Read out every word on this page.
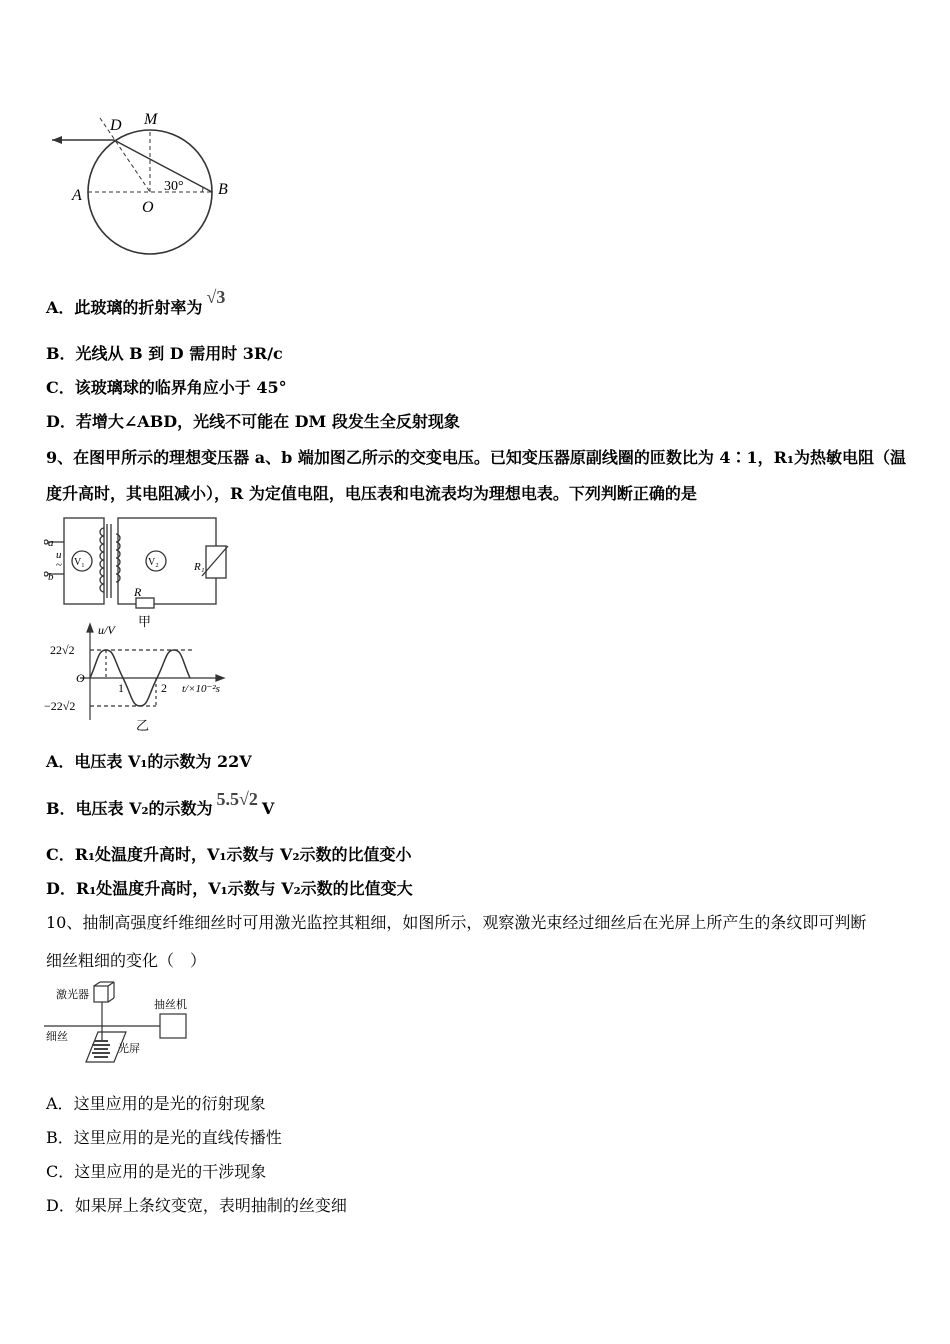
D M
A
O
B
30°
A．此玻璃的折射率为√3
B．光线从 B 到 D 需用时 3R/c
C．该玻璃球的临界角应小于 45°
D．若增大∠ABD，光线不可能在 DM 段发生全反射现象
9、在图甲所示的理想变压器 a、b 端加图乙所示的交变电压。已知变压器原副线圈的匝数比为 4∶1，R₁为热敏电阻（温
度升高时，其电阻减小），R 为定值电阻，电压表和电流表均为理想电表。下列判断正确的是
a
u
~
b
V₁	V₂	R₁
R
甲
u/V
22√2
−22√2
O
1	2 t/×10⁻²s
乙
A．电压表 V₁的示数为 22V
B．电压表 V₂的示数为 5.5√2 V
C．R₁处温度升高时，V₁示数与 V₂示数的比值变小
D．R₁处温度升高时，V₁示数与 V₂示数的比值变大
10、抽制高强度纤维细丝时可用激光监控其粗细，如图所示，观察激光束经过细丝后在光屏上所产生的条纹即可判断
细丝粗细的变化（　）
激光器
抽丝机
细丝
光屏
A．这里应用的是光的衍射现象
B．这里应用的是光的直线传播性
C．这里应用的是光的干涉现象
D．如果屏上条纹变宽，表明抽制的丝变细
